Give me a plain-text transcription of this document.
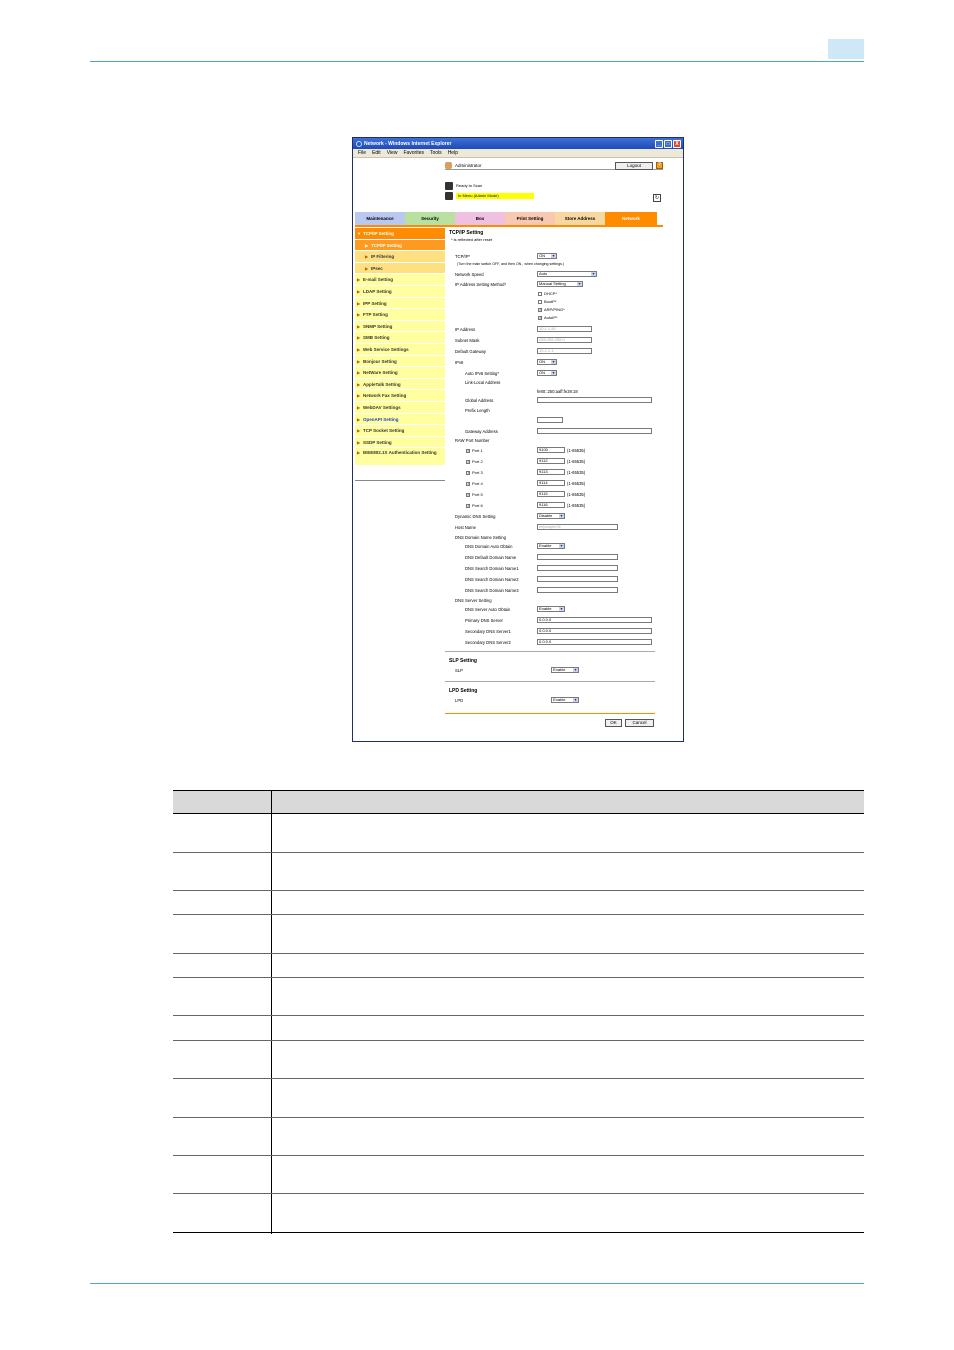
Network - Windows Internet Explorer	_	□	X
File Edit View Favorites Tools Help
Administrator	Logout	?
Ready to Scan
In Menu (Admin Mode)	↻
Maintenance	Security	Box	Print Setting	Store Address	Network
▼ TCP/IP Setting
▶ TCP/IP Setting
▶ IP Filtering
▶ IPsec
▶ E-mail Setting
▶ LDAP Setting
▶ IPP Setting
▶ FTP Setting
▶ SNMP Setting
▶ SMB Setting
▶ Web Service Settings
▶ Bonjour Setting
▶ NetWare Setting
▶ AppleTalk Setting
▶ Network Fax Setting
▶ WebDAV Settings
▶ OpenAPI Setting
▶ TCP Socket Setting
▶ SSDP Setting
▶ IEEE802.1X Authentication Setting
TCP/IP Setting
* is reflected after reset
TCP/IP*	ON ▾
(Turn the main switch OFF, and then ON , when changing settings.)
Network Speed	Auto ▾
IP Address Setting Method*	Manual Setting ▾
DHCP*
BootP*
✓ ARP/PING*
✓ AutoIP*
IP Address	10.1.1.50
Subnet Mask	255.255.255.0
Default Gateway	10.1.1.1
IPv6	ON ▾
Auto IPv6 Setting*	ON ▾
Link-Local Address
fe80::250:aaff:fe28:18
Global Address
Prefix Length
Gateway Address
RAW Port Number
✓ Port 1	9100	(1-65535)
✓ Port 2	9112	(1-65535)
✓ Port 3	9113	(1-65535)
✓ Port 4	9114	(1-65535)
✓ Port 5	9115	(1-65535)
✓ Port 6	9116	(1-65535)
Dynamic DNS Setting	Disable ▾
Host Name	mfpcopier01
DNS Domain Name Setting
DNS Domain Auto Obtain	Enable ▾
DNS Default Domain Name
DNS Search Domain Name1
DNS Search Domain Name2
DNS Search Domain Name3
DNS Server Setting
DNS Server Auto Obtain	Enable ▾
Primary DNS Server	0.0.0.0
Secondary DNS Server1	0.0.0.0
Secondary DNS Server2	0.0.0.0
SLP Setting
SLP	Enable ▾
LPD Setting
LPD	Enable ▾
OK	Cancel
